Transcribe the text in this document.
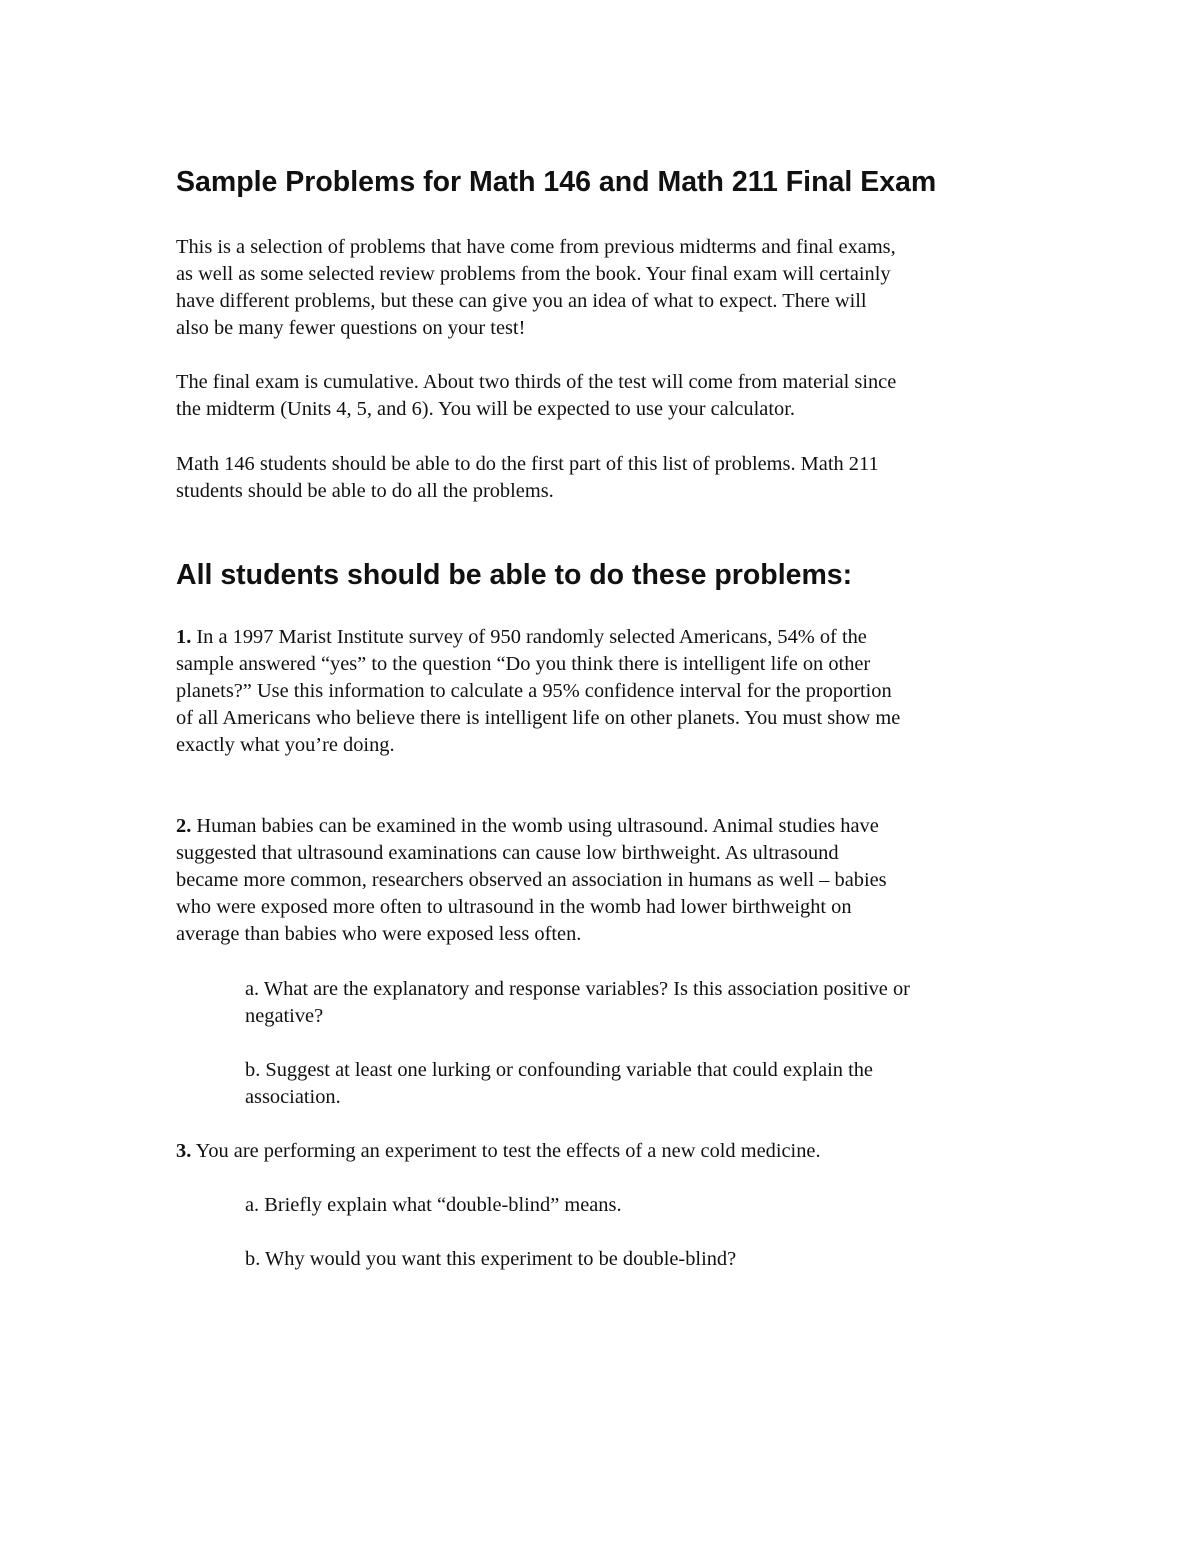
Sample Problems for Math 146 and Math 211 Final Exam

This is a selection of problems that have come from previous midterms and final exams,
as well as some selected review problems from the book. Your final exam will certainly
have different problems, but these can give you an idea of what to expect. There will
also be many fewer questions on your test!

The final exam is cumulative. About two thirds of the test will come from material since
the midterm (Units 4, 5, and 6). You will be expected to use your calculator.

Math 146 students should be able to do the first part of this list of problems. Math 211
students should be able to do all the problems.

All students should be able to do these problems:

1. In a 1997 Marist Institute survey of 950 randomly selected Americans, 54% of the
sample answered “yes” to the question “Do you think there is intelligent life on other
planets?” Use this information to calculate a 95% confidence interval for the proportion
of all Americans who believe there is intelligent life on other planets. You must show me
exactly what you’re doing.

2. Human babies can be examined in the womb using ultrasound. Animal studies have
suggested that ultrasound examinations can cause low birthweight. As ultrasound
became more common, researchers observed an association in humans as well – babies
who were exposed more often to ultrasound in the womb had lower birthweight on
average than babies who were exposed less often.

a. What are the explanatory and response variables? Is this association positive or
negative?

b. Suggest at least one lurking or confounding variable that could explain the
association.

3. You are performing an experiment to test the effects of a new cold medicine.

a. Briefly explain what “double-blind” means.

b. Why would you want this experiment to be double-blind?
